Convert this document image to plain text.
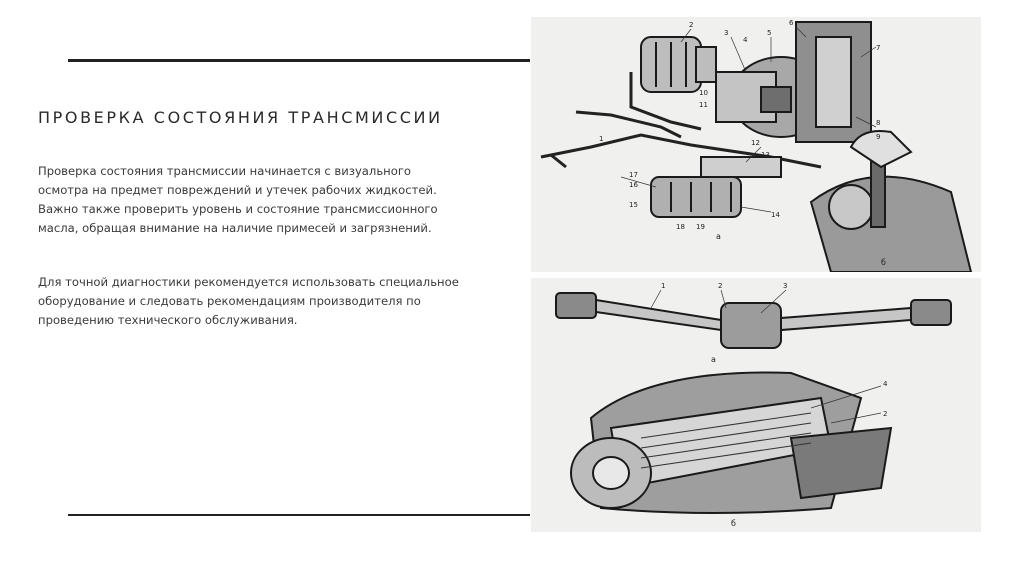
ПРОВЕРКА СОСТОЯНИЯ ТРАНСМИССИИ
Проверка состояния трансмиссии начинается с визуального
осмотра на предмет повреждений и утечек рабочих жидкостей.
Важно также проверить уровень и состояние трансмиссионного
масла, обращая внимание на наличие примесей и загрязнений.
Для точной диагностики рекомендуется использовать специальное
оборудование и следовать рекомендациям производителя по
проведению технического обслуживания.
2
3
4
5
6
7
8
9
10
11
12
13
14
15
16
17
18 19
1
а
б
1	2	3
4
2
а
б
